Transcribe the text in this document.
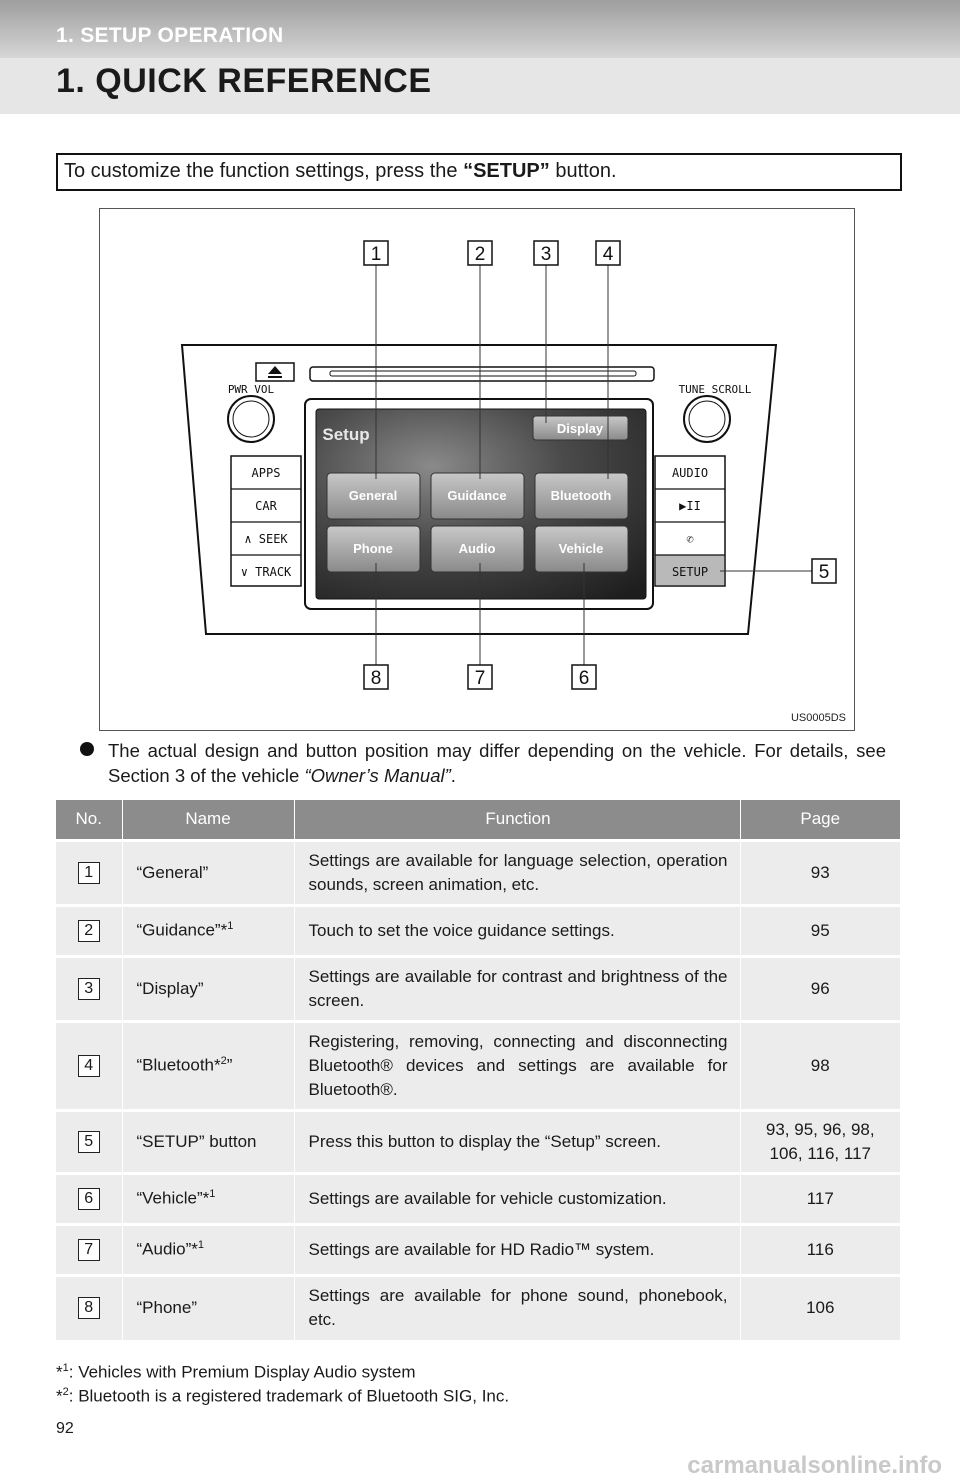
1. SETUP OPERATION
1. QUICK REFERENCE
To customize the function settings, press the “SETUP” button.
1	2	3	4
5
6
7
8
PWR VOL	TUNE SCROLL
APPS
CAR
∧ SEEK
∨ TRACK
AUDIO
▶II
✆
SETUP
Setup	Display
General	Guidance	Bluetooth
Phone	Audio	Vehicle
US0005DS
The actual design and button position may differ depending on the vehicle. For details, see Section 3 of the vehicle “Owner’s Manual”.
No.	Name	Function	Page
1	“General”	Settings are available for language selection, operation sounds, screen animation, etc.	93
2	“Guidance”*$^1$	Touch to set the voice guidance settings.	95
3	“Display”	Settings are available for contrast and brightness of the screen.	96
4	“Bluetooth*$^2$”	Registering, removing, connecting and disconnecting Bluetooth® devices and settings are available for Bluetooth®.	98
5	“SETUP” button	Press this button to display the “Setup” screen.	93, 95, 96, 98, 106, 116, 117
6	“Vehicle”*$^1$	Settings are available for vehicle customization.	117
7	“Audio”*$^1$	Settings are available for HD Radio™ system.	116
8	“Phone”	Settings are available for phone sound, phonebook, etc.	106
*$^1$: Vehicles with Premium Display Audio system
*$^2$: Bluetooth is a registered trademark of Bluetooth SIG, Inc.
92
carmanualsonline.info
